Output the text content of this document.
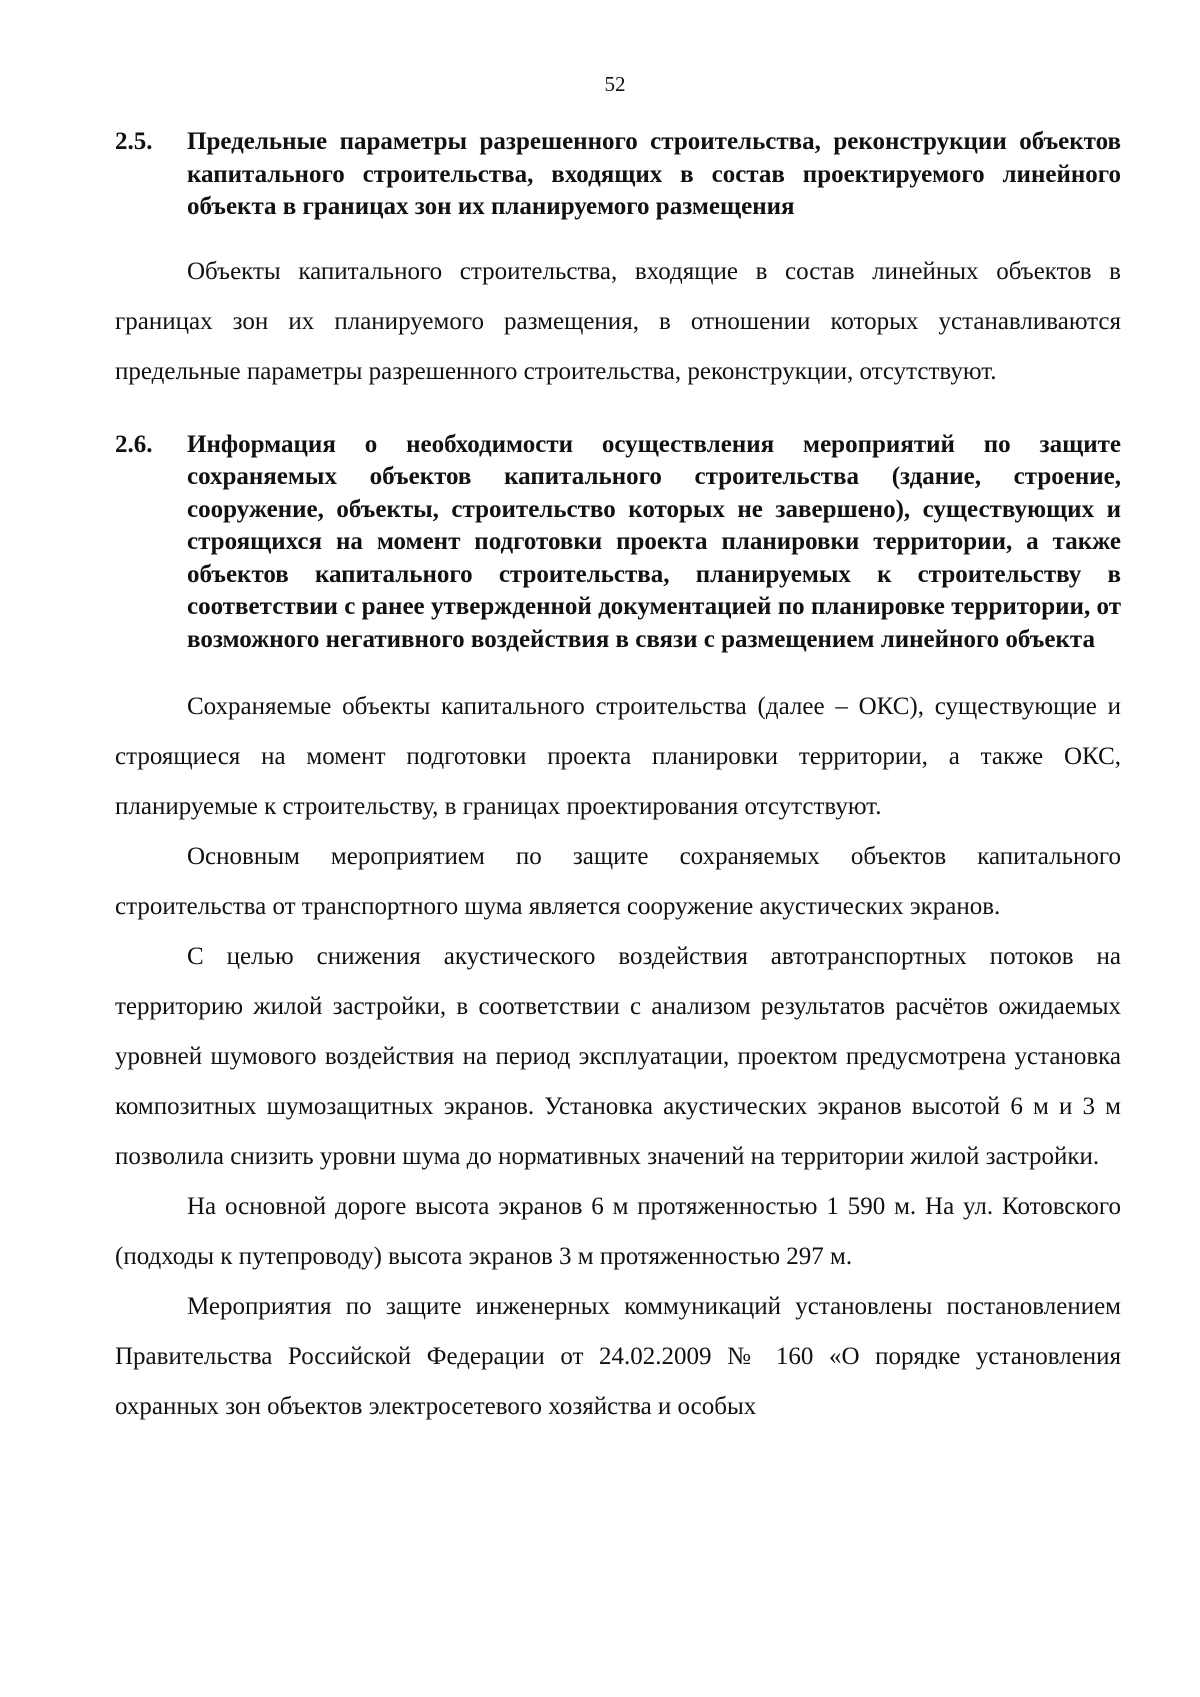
52
2.5.	Предельные параметры разрешенного строительства, реконструкции объектов капитального строительства, входящих в состав проектируемого линейного объекта в границах зон их планируемого размещения

Объекты капитального строительства, входящие в состав линейных объектов в границах зон их планируемого размещения, в отношении которых устанавливаются предельные параметры разрешенного строительства, реконструкции, отсутствуют.

2.6.	Информация о необходимости осуществления мероприятий по защите сохраняемых объектов капитального строительства (здание, строение, сооружение, объекты, строительство которых не завершено), существующих и строящихся на момент подготовки проекта планировки территории, а также объектов капитального строительства, планируемых к строительству в соответствии с ранее утвержденной документацией по планировке территории, от возможного негативного воздействия в связи с размещением линейного объекта

Сохраняемые объекты капитального строительства (далее – ОКС), существующие и строящиеся на момент подготовки проекта планировки территории, а также ОКС, планируемые к строительству, в границах проектирования отсутствуют.

Основным мероприятием по защите сохраняемых объектов капитального строительства от транспортного шума является сооружение акустических экранов.

С целью снижения акустического воздействия автотранспортных потоков на территорию жилой застройки, в соответствии с анализом результатов расчётов ожидаемых уровней шумового воздействия на период эксплуатации, проектом предусмотрена установка композитных шумозащитных экранов. Установка акустических экранов высотой 6 м и 3 м позволила снизить уровни шума до нормативных значений на территории жилой застройки.

На основной дороге высота экранов 6 м протяженностью 1 590 м. На ул. Котовского (подходы к путепроводу) высота экранов 3 м протяженностью 297 м.

Мероприятия по защите инженерных коммуникаций установлены постановлением Правительства Российской Федерации от 24.02.2009 № 160 «О порядке установления охранных зон объектов электросетевого хозяйства и особых
